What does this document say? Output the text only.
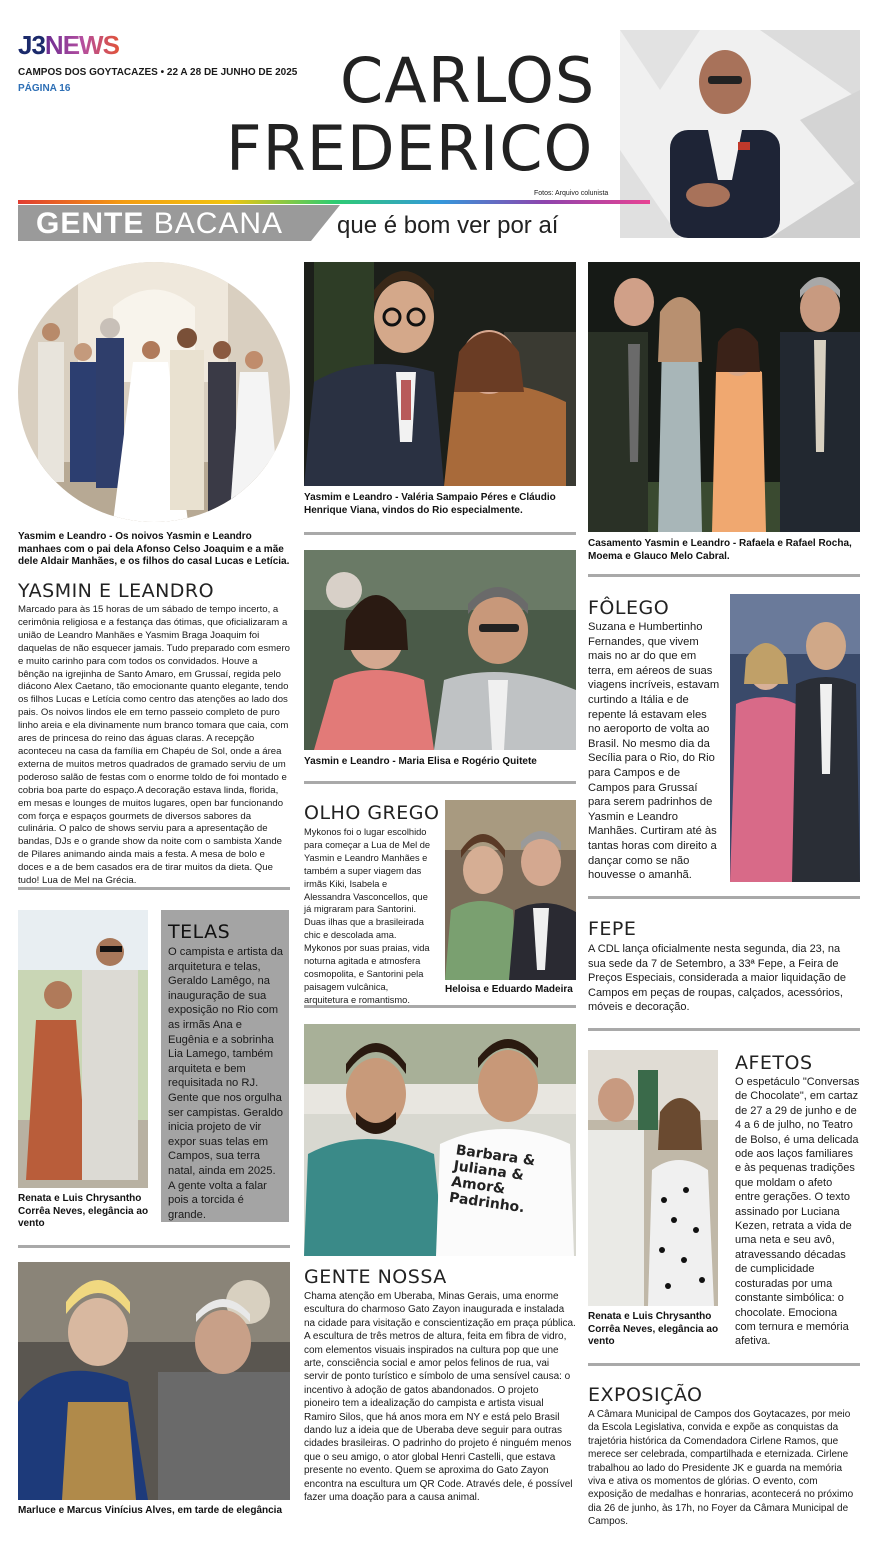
J3NEWS
CAMPOS DOS GOYTACAZES • 22 A 28 DE JUNHO DE 2025
PÁGINA 16	CARLOS
FREDERICO
Fotos: Arquivo colunista
GENTE BACANA que é bom ver por aí
Yasmim e Leandro - Os noivos Yasmin e Leandro manhaes com o pai dela Afonso Celso Joaquim e a mãe dele Aldair Manhães, e os filhos do casal Lucas e Letícia.
YASMIN E LEANDRO
Marcado para às 15 horas de um sábado de tempo incerto, a cerimônia religiosa e a festança das ótimas, que oficializaram a união de Leandro Manhães e Yasmim Braga Joaquim foi daquelas de não esquecer jamais. Tudo preparado com esmero e muito carinho para com todos os convidados. Houve a bênção na igrejinha de Santo Amaro, em Grussaí, regida pelo diácono Alex Caetano, tão emocionante quanto elegante, tendo os filhos Lucas e Letícia como centro das atenções ao lado dos pais. Os noivos lindos ele em terno passeio completo de puro linho areia e ela divinamente num branco tomara que caia, com ares de princesa do reino das águas claras. A recepção aconteceu na casa da família em Chapéu de Sol, onde a área externa de muitos metros quadrados de gramado serviu de um poderoso salão de festas com o enorme toldo de foi montado e cobria boa parte do espaço.A decoração estava linda, florida, em mesas e lounges de muitos lugares, open bar funcionando com força e espaços gourmets de diversos sabores da culinária. O palco de shows serviu para a apresentação de bandas, DJs e o grande show da noite com o sambista Xande de Pilares animando ainda mais a festa. A mesa de bolo e doces e a de bem casados era de tirar muitos da dieta. Que tudo! Lua de Mel na Grécia.
Renata e Luis Chrysantho Corrêa Neves, elegância ao vento
TELAS
O campista e artista da arquitetura e telas, Geraldo Lamêgo, na inauguração de sua exposição no Rio com as irmãs Ana e Eugênia e a sobrinha Lia Lamego, também arquiteta e bem requisitada no RJ. Gente que nos orgulha ser campistas. Geraldo inicia projeto de vir expor suas telas em Campos, sua terra natal, ainda em 2025. A gente volta a falar pois a torcida é grande.
Marluce e Marcus Vinícius Alves, em tarde de elegância
Yasmim e Leandro - Valéria Sampaio Péres e Cláudio Henrique Viana, vindos do Rio especialmente.
Yasmin e Leandro - Maria Elisa e Rogério Quitete
OLHO GREGO
Mykonos foi o lugar escolhido para começar a Lua de Mel de Yasmin e Leandro Manhães e também a super viagem das irmãs Kiki, Isabela e Alessandra Vasconcellos, que já migraram para Santorini. Duas ilhas que a brasileirada chic e descolada ama. Mykonos por suas praias, vida noturna agitada e atmosfera cosmopolita, e Santorini pela paisagem vulcânica, arquitetura e romantismo.
Heloisa e Eduardo Madeira
Barbara & Juliana & Amor& Padrinho.
GENTE NOSSA
Chama atenção em Uberaba, Minas Gerais, uma enorme escultura do charmoso Gato Zayon inaugurada e instalada na cidade para visitação e conscientização em praça pública. A escultura de três metros de altura, feita em fibra de vidro, com elementos visuais inspirados na cultura pop que une arte, consciência social e amor pelos felinos de rua, vai servir de ponto turístico e símbolo de uma sensível causa: o incentivo à adoção de gatos abandonados. O projeto pioneiro tem a idealização do campista e artista visual Ramiro Silos, que há anos mora em NY e está pelo Brasil dando luz a ideia que de Uberaba deve seguir para outras cidades brasileiras. O padrinho do projeto é ninguém menos que o seu amigo, o ator global Henri Castelli, que estava presente no evento. Quem se aproxima do Gato Zayon encontra na escultura um QR Code. Através dele, é possível fazer uma doação para a causa animal.
Casamento Yasmin e Leandro - Rafaela e Rafael Rocha, Moema e Glauco Melo Cabral.
FÔLEGO
Suzana e Humbertinho Fernandes, que vivem mais no ar do que em terra, em aéreos de suas viagens incríveis, estavam curtindo a Itália e de repente lá estavam eles no aeroporto de volta ao Brasil. No mesmo dia da Secília para o Rio, do Rio para Campos e de Campos para Grussaí para serem padrinhos de Yasmin e Leandro Manhães. Curtiram até às tantas horas com direito a dançar como se não houvesse o amanhã.
FEPE
A CDL lança oficialmente nesta segunda, dia 23, na sua sede da 7 de Setembro, a 33ª Fepe, a Feira de Preços Especiais, considerada a maior liquidação de Campos em peças de roupas, calçados, acessórios, móveis e decoração.
Renata e Luis Chrysantho Corrêa Neves, elegância ao vento
AFETOS
O espetáculo "Conversas de Chocolate", em cartaz de 27 a 29 de junho e de 4 a 6 de julho, no Teatro de Bolso, é uma delicada ode aos laços familiares e às pequenas tradições que moldam o afeto entre gerações. O texto assinado por Luciana Kezen, retrata a vida de uma neta e seu avô, atravessando décadas de cumplicidade costuradas por uma constante simbólica: o chocolate. Emociona com ternura e memória afetiva.
EXPOSIÇÃO
A Câmara Municipal de Campos dos Goytacazes, por meio da Escola Legislativa, convida e expõe as conquistas da trajetória histórica da Comendadora Cirlene Ramos, que merece ser celebrada, compartilhada e eternizada. Cirlene trabalhou ao lado do Presidente JK e guarda na memória viva e ativa os momentos de glórias. O evento, com exposição de medalhas e honrarias, acontecerá no próximo dia 26 de junho, às 17h, no Foyer da Câmara Municipal de Campos.
